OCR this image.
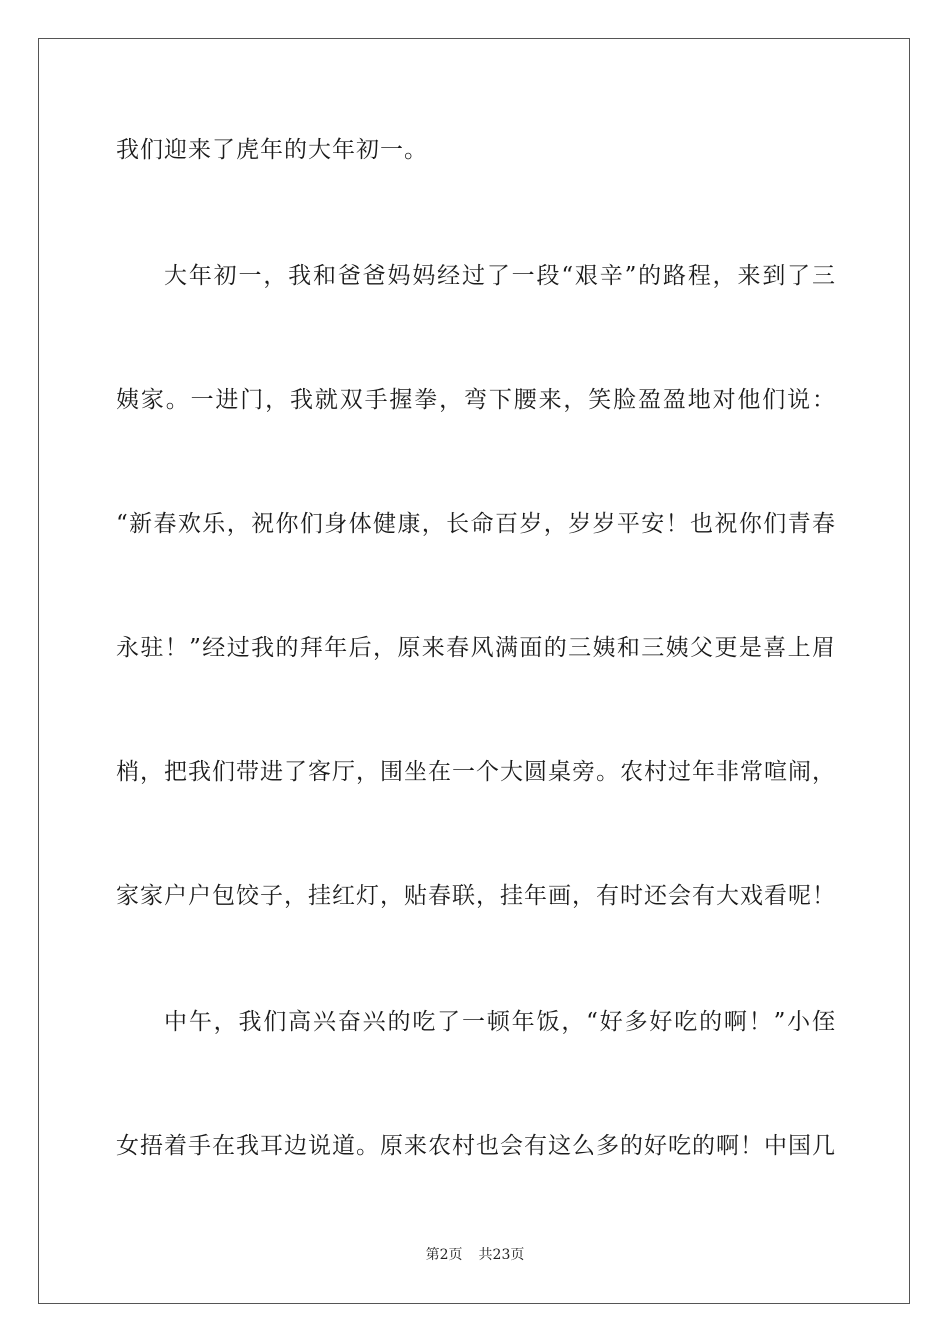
我们迎来了虎年的大年初一。
大年初一，我和爸爸妈妈经过了一段“艰辛”的路程，来到了三
姨家。一进门，我就双手握拳，弯下腰来，笑脸盈盈地对他们说：
“新春欢乐，祝你们身体健康，长命百岁，岁岁平安！也祝你们青春
永驻！”经过我的拜年后，原来春风满面的三姨和三姨父更是喜上眉
梢，把我们带进了客厅，围坐在一个大圆桌旁。农村过年非常喧闹，
家家户户包饺子，挂红灯，贴春联，挂年画，有时还会有大戏看呢！
中午，我们高兴奋兴的吃了一顿年饭，“好多好吃的啊！”小侄
女捂着手在我耳边说道。原来农村也会有这么多的好吃的啊！中国几
第2页 共23页
